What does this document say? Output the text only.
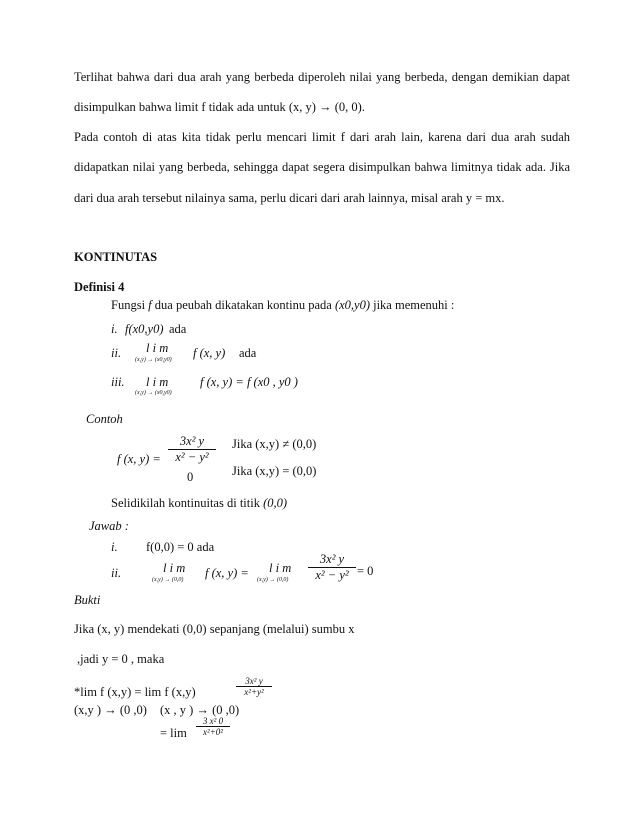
Terlihat bahwa dari dua arah yang berbeda diperoleh nilai yang berbeda, dengan demikian dapat
disimpulkan bahwa limit f tidak ada untuk (x, y) → (0, 0).
Pada contoh di atas kita tidak perlu mencari limit f dari arah lain, karena dari dua arah sudah
didapatkan nilai yang berbeda, sehingga dapat segera disimpulkan bahwa limitnya tidak ada. Jika
dari dua arah tersebut nilainya sama, perlu dicari dari arah lainnya, misal arah y = mx.
KONTINUTAS
Definisi 4
Fungsi f dua peubah dikatakan kontinu pada (x0,y0) jika memenuhi :
i. f(x0,y0) ada
ii. l i m
(x,y) → (x0,y0) f (x, y) ada
iii. l i m
(x,y) → (x0,y0)
f (x, y) = f (x0 , y0 )
Contoh
f (x, $y) = \frac{\text{3x² y}}{\text{x² − y²}}$
0
Jika (x,y) ≠ (0,0)
Jika (x,y) = (0,0)
Selidikilah kontinuitas di titik (0,0)
Jawab :
i. f(0,0) = 0 ada
ii.	l i m
(x,y) → (0,0) f (x, y) = l i m
$(x,y) \to (0,0) \frac{\text{3x² y}}{\text{x² − y²}} = 0$
Bukti
Jika (x, y) mendekati (0,0) sepanjang (melalui) sumbu x
,jadi y = 0 , maka
*lim f (x,y) = lim f (x,y)	$\frac{\text{3x² y}}{\text{x²+y²}}$
(x,y ) → (0 ,0) (x , y ) → (0 ,0)
= $\lim \frac{\text{3 x² 0}}{\text{x²+0²}}$
